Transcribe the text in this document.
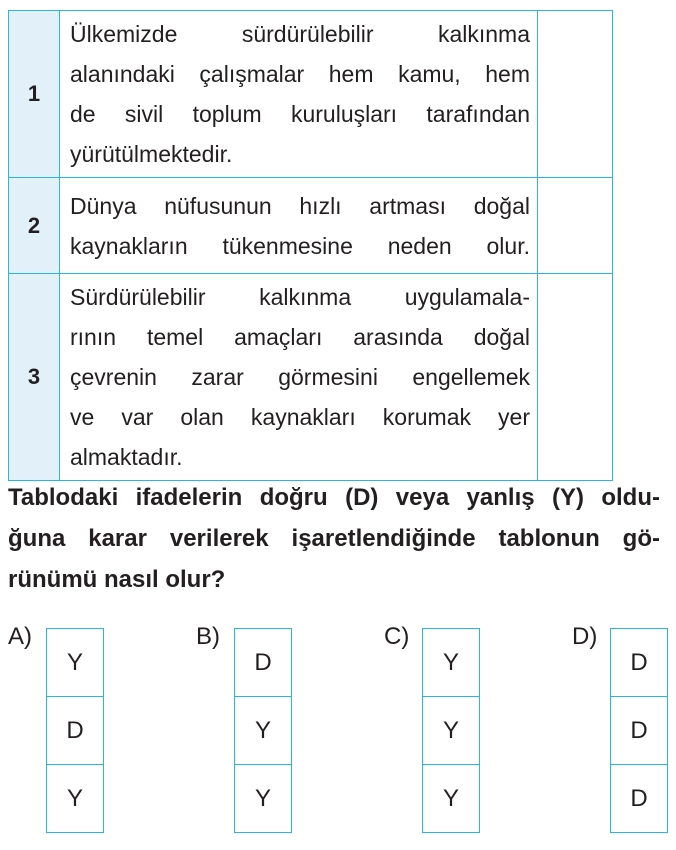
1	Ülkemizde sürdürülebilir kalkınma
alanındaki çalışmalar hem kamu, hem
de sivil toplum kuruluşları tarafından
yürütülmektedir.	

2	Dünya nüfusunun hızlı artması doğal
kaynakların tükenmesine neden olur.	

3	Sürdürülebilir kalkınma uygulamala-
rının temel amaçları arasında doğal
çevrenin zarar görmesini engellemek
ve var olan kaynakları korumak yer
almaktadır.	

Tablodaki ifadelerin doğru (D) veya yanlış (Y) oldu-
ğuna karar verilerek işaretlendiğinde tablonun gö-
rünümü nasıl olur?
A)
Y
D
Y
B)
D
Y
Y
C)
Y
Y
Y
D)
D
D
D
